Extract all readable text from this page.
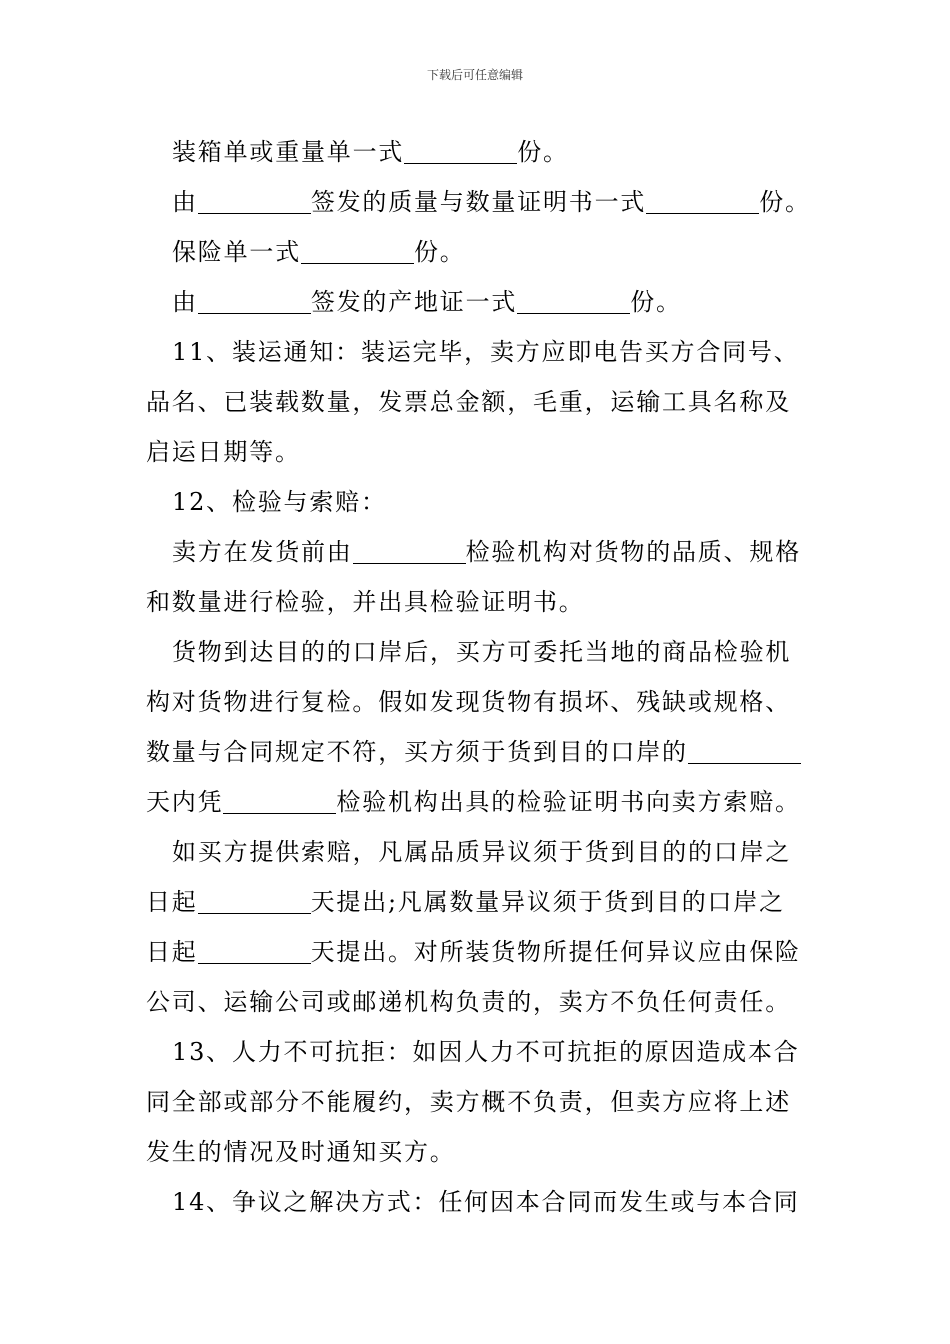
下载后可任意编辑
装箱单或重量单一式	份。
由	签发的质量与数量证明书一式	份。
保险单一式	份。
由	签发的产地证一式	份。
11、装运通知：装运完毕，卖方应即电告买方合同号、
品名、已装载数量，发票总金额，毛重，运输工具名称及
启运日期等。
12、检验与索赔：
卖方在发货前由	检验机构对货物的品质、规格
和数量进行检验，并出具检验证明书。
货物到达目的的口岸后，买方可委托当地的商品检验机
构对货物进行复检。假如发现货物有损坏、残缺或规格、
数量与合同规定不符，买方须于货到目的口岸的
天内凭	检验机构出具的检验证明书向卖方索赔。
如买方提供索赔，凡属品质异议须于货到目的的口岸之
日起	天提出;凡属数量异议须于货到目的口岸之
日起	天提出。对所装货物所提任何异议应由保险
公司、运输公司或邮递机构负责的，卖方不负任何责任。
13、人力不可抗拒：如因人力不可抗拒的原因造成本合
同全部或部分不能履约，卖方概不负责，但卖方应将上述
发生的情况及时通知买方。
14、争议之解决方式：任何因本合同而发生或与本合同
